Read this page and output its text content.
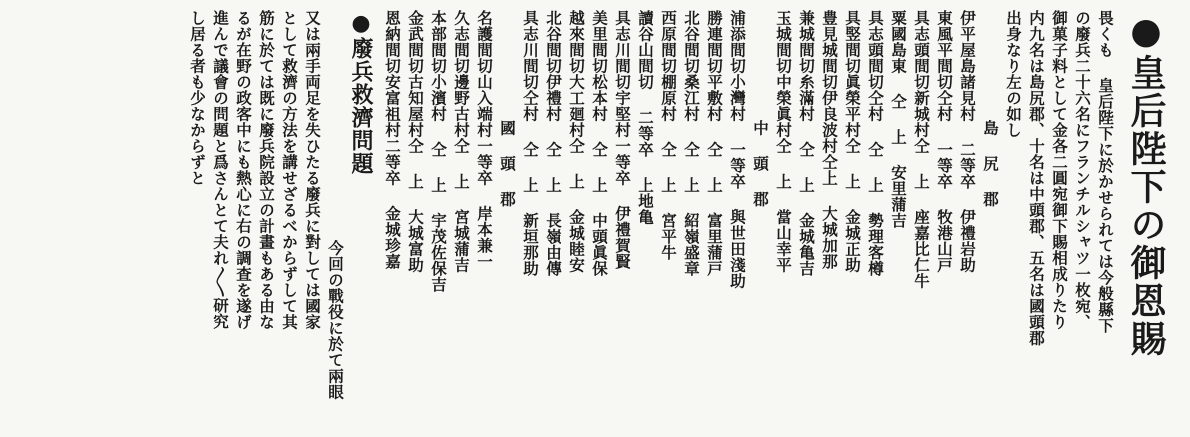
●皇后陛下の御恩賜
畏くも 皇后陛下に於かせられては今般縣下
の廢兵二十六名にフランチルシャツ一枚宛、
御菓子料として金各二圓宛御下賜相成りたり
内九名は島尻郡、十名は中頭郡、五名は國頭郡
出身なり左の如し
島 尻 郡
伊平屋島諸見村 二等卒 伊禮岩助
東風平間切仝村 一等卒 牧港山戸
具志頭間切新城村仝 上 座嘉比仁牛
粟國島東 仝 上 安里蒲吉
具志頭間切仝村 仝 上 勢理客樽
具竪間切眞榮平村仝 上 金城正助
豊見城間切伊良波村仝上 大城加那
兼城間切糸滿村 仝 上 金城亀吉
玉城間切中榮眞村仝 上 當山幸平
中 頭 郡
浦添間切小灣村 一等卒 與世田淺助
勝連間切平敷村 仝 上 富里蒲戸
北谷間切桑江村 仝 上 紹嶺盛章
西原間切棚原村 仝 上 宮平牛
讀谷山間切 二等卒 上地亀
具志川間切宇堅村一等卒 伊禮賀賢
美里間切松本村 仝 上 中頭眞保
越來間切大工廻村仝 上 金城睦安
北谷間切伊禮村 仝 上 長嶺由傳
具志川間切仝村 仝 上 新垣那助
國 頭 郡
名護間切山入端村一等卒 岸本兼一
久志間切邊野古村仝 上 宮城蒲吉
本部間切小濱村 仝 上 宇茂佐保吉
金武間切古知屋村仝 上 大城富助
恩納間切安富祖村二等卒 金城珍嘉
●廢兵救濟問題
今回の戰役に於て兩眼
又は兩手両足を失ひたる廢兵に對しては國家
として救濟の方法を講せざるべからずして其
筋に於ては既に廢兵院設立の計畫もある由な
るが在野の政客中にも熱心に右の調査を遂げ
進んで議會の問題と爲さんとて夫れ〳〵研究
し居る者も少なからずと
